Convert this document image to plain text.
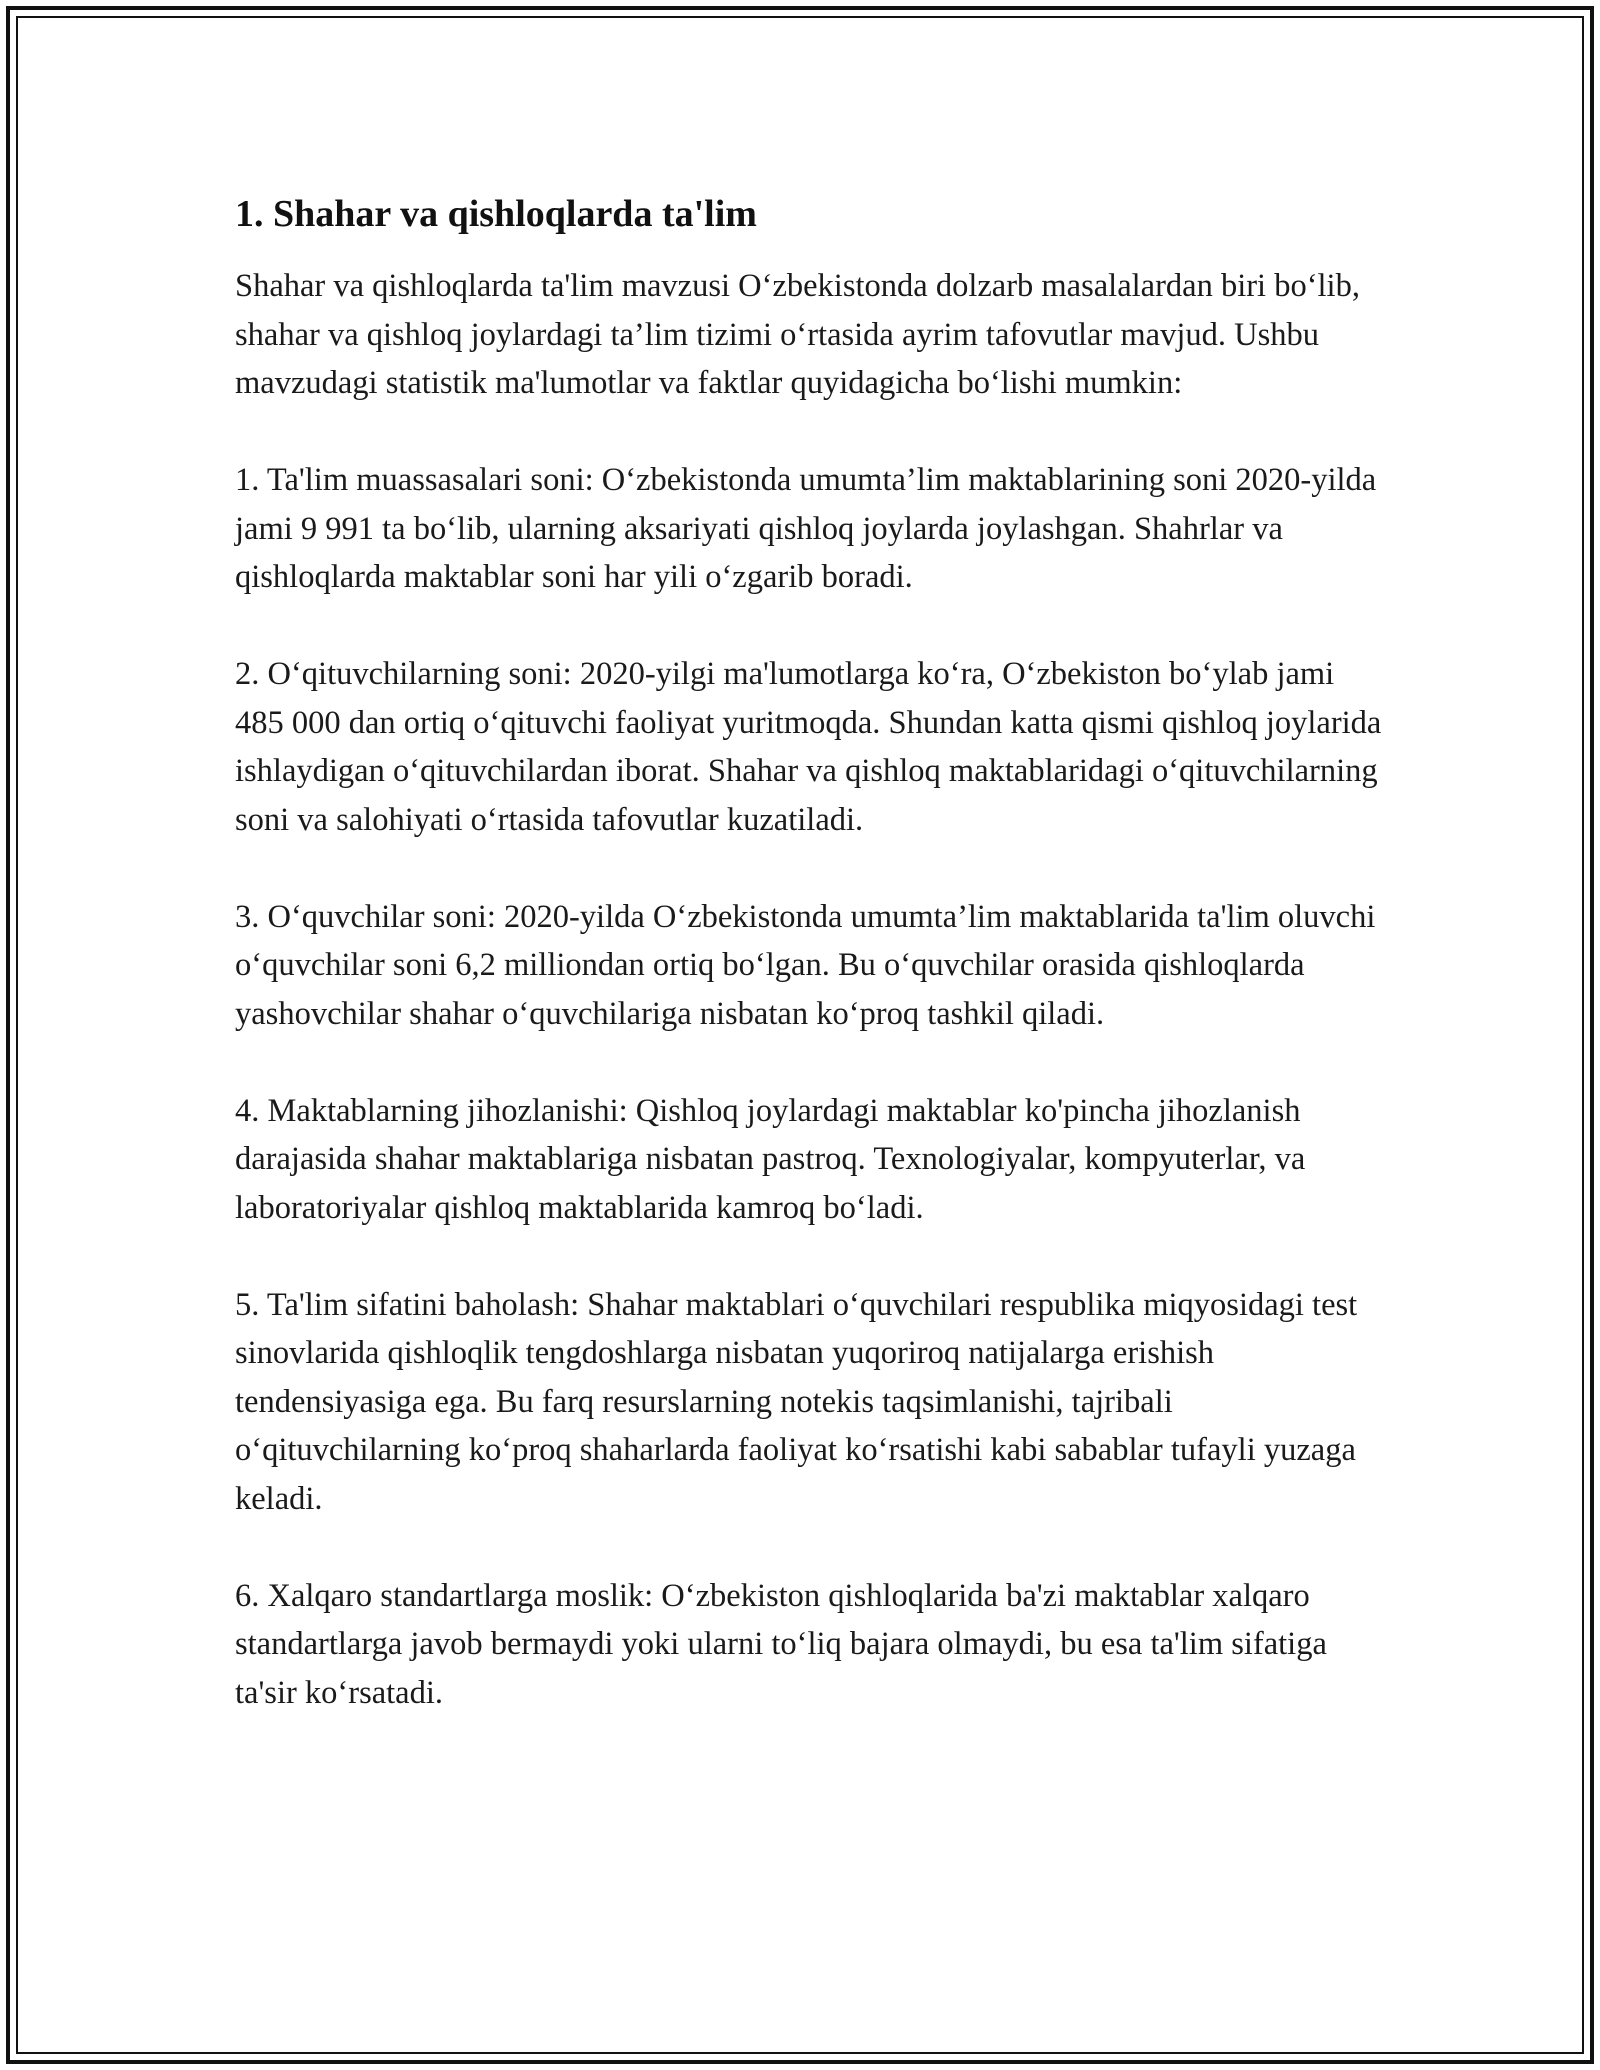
1. Shahar va qishloqlarda ta'lim

Shahar va qishloqlarda ta'lim mavzusi O‘zbekistonda dolzarb masalalardan biri bo‘lib, shahar va qishloq joylardagi ta’lim tizimi o‘rtasida ayrim tafovutlar mavjud. Ushbu mavzudagi statistik ma'lumotlar va faktlar quyidagicha bo‘lishi mumkin:

1. Ta'lim muassasalari soni: O‘zbekistonda umumta’lim maktablarining soni 2020-yilda jami 9 991 ta bo‘lib, ularning aksariyati qishloq joylarda joylashgan. Shahrlar va qishloqlarda maktablar soni har yili o‘zgarib boradi.

2. O‘qituvchilarning soni: 2020-yilgi ma'lumotlarga ko‘ra, O‘zbekiston bo‘ylab jami 485 000 dan ortiq o‘qituvchi faoliyat yuritmoqda. Shundan katta qismi qishloq joylarida ishlaydigan o‘qituvchilardan iborat. Shahar va qishloq maktablaridagi o‘qituvchilarning soni va salohiyati o‘rtasida tafovutlar kuzatiladi.

3. O‘quvchilar soni: 2020-yilda O‘zbekistonda umumta’lim maktablarida ta'lim oluvchi o‘quvchilar soni 6,2 milliondan ortiq bo‘lgan. Bu o‘quvchilar orasida qishloqlarda yashovchilar shahar o‘quvchilariga nisbatan ko‘proq tashkil qiladi.

4. Maktablarning jihozlanishi: Qishloq joylardagi maktablar ko'pincha jihozlanish darajasida shahar maktablariga nisbatan pastroq. Texnologiyalar, kompyuterlar, va laboratoriyalar qishloq maktablarida kamroq bo‘ladi.

5. Ta'lim sifatini baholash: Shahar maktablari o‘quvchilari respublika miqyosidagi test sinovlarida qishloqlik tengdoshlarga nisbatan yuqoriroq natijalarga erishish tendensiyasiga ega. Bu farq resurslarning notekis taqsimlanishi, tajribali o‘qituvchilarning ko‘proq shaharlarda faoliyat ko‘rsatishi kabi sabablar tufayli yuzaga keladi.

6. Xalqaro standartlarga moslik: O‘zbekiston qishloqlarida ba'zi maktablar xalqaro standartlarga javob bermaydi yoki ularni to‘liq bajara olmaydi, bu esa ta'lim sifatiga ta'sir ko‘rsatadi.
